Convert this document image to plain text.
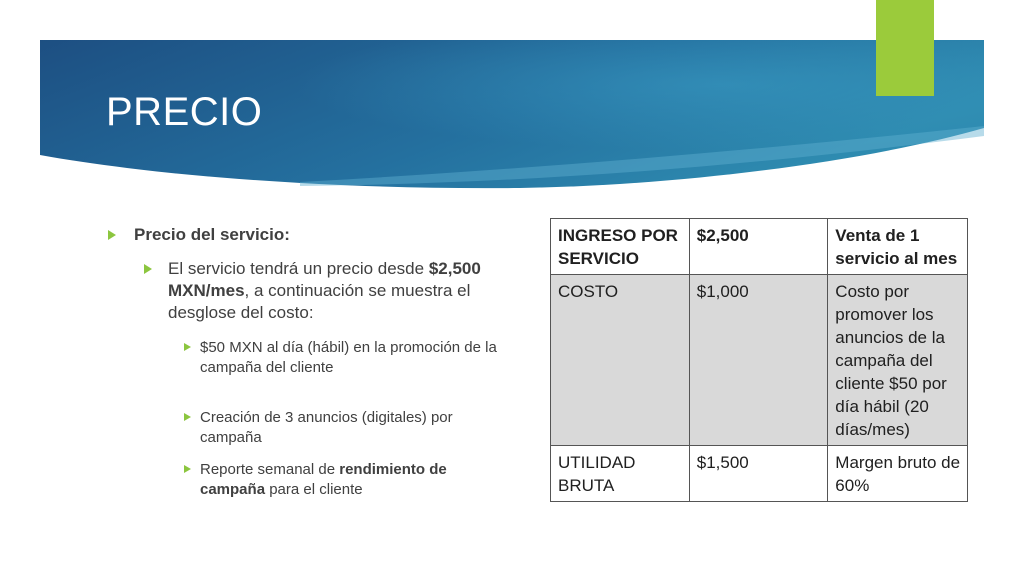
PRECIO
Precio del servicio:
El servicio tendrá un precio desde $2,500 MXN/mes, a continuación se muestra el desglose del costo:
$50 MXN al día (hábil) en la promoción de la campaña del cliente
Creación de 3 anuncios (digitales) por campaña
Reporte semanal de rendimiento de campaña para el cliente
INGRESO POR SERVICIO	$2,500	Venta de 1 servicio al mes
COSTO	$1,000	Costo por promover los anuncios de la campaña del cliente $50 por día hábil (20 días/mes)
UTILIDAD BRUTA	$1,500	Margen bruto de 60%
